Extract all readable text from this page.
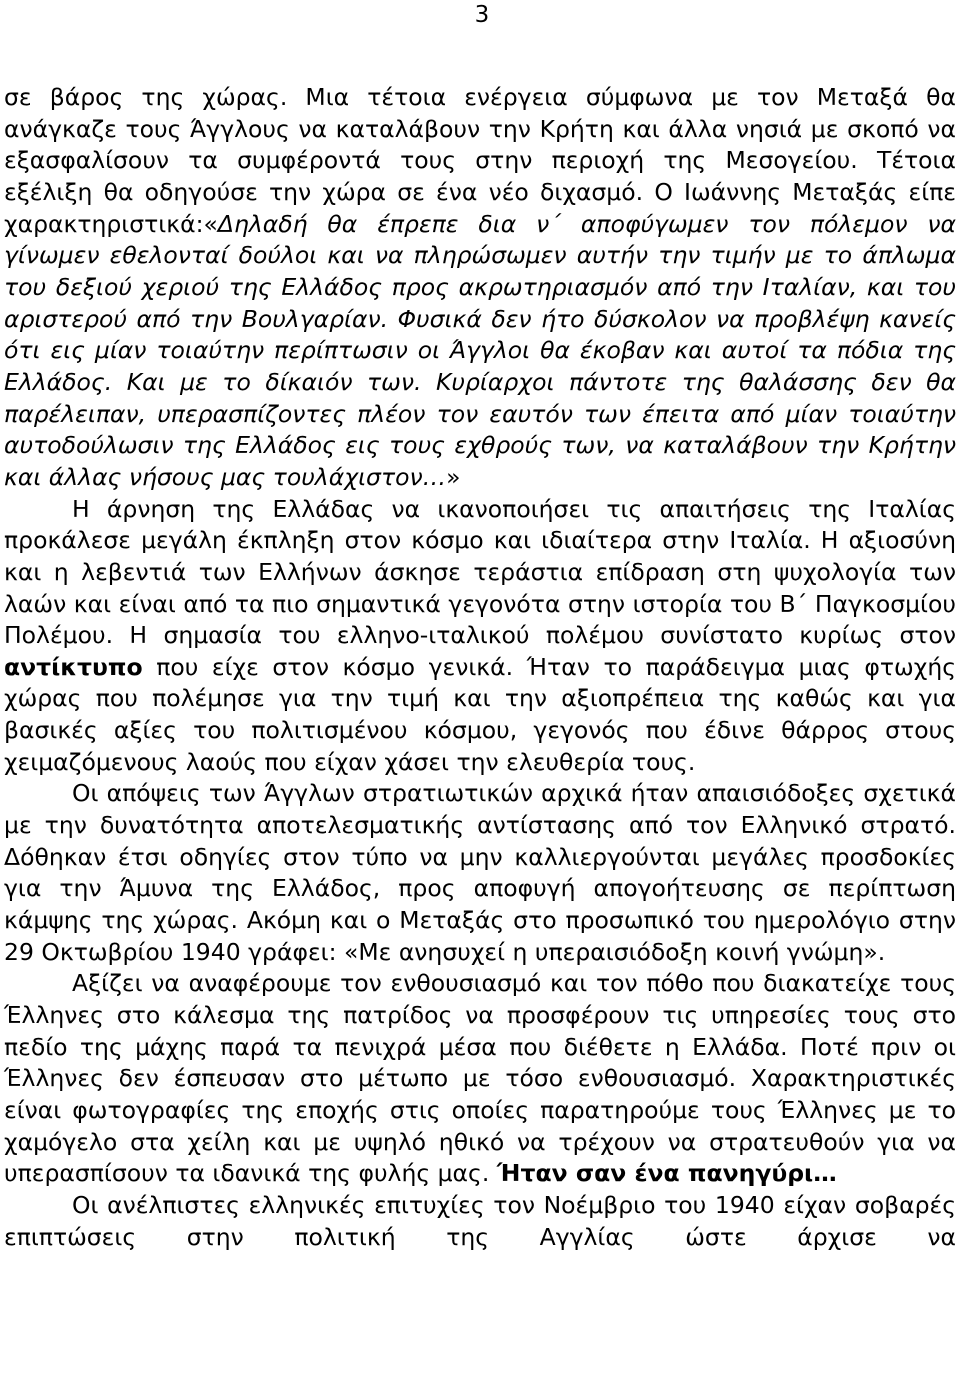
3

σε βάρος της χώρας. Μια τέτοια ενέργεια σύμφωνα με τον Μεταξά θα ανάγκαζε τους Άγγλους να καταλάβουν την Κρήτη και άλλα νησιά με σκοπό να εξασφαλίσουν τα συμφέροντά τους στην περιοχή της Μεσογείου. Τέτοια εξέλιξη θα οδηγούσε την χώρα σε ένα νέο διχασμό. Ο Ιωάννης Μεταξάς είπε χαρακτηριστικά:«Δηλαδή θα έπρεπε δια ν΄ αποφύγωμεν τον πόλεμον να γίνωμεν εθελονταί δούλοι και να πληρώσωμεν αυτήν την τιμήν με το άπλωμα του δεξιού χεριού της Ελλάδος προς ακρωτηριασμόν από την Ιταλίαν, και του αριστερού από την Βουλγαρίαν. Φυσικά δεν ήτο δύσκολον να προβλέψη κανείς ότι εις μίαν τοιαύτην περίπτωσιν οι Άγγλοι θα έκοβαν και αυτοί τα πόδια της Ελλάδος. Και με το δίκαιόν των. Κυρίαρχοι πάντοτε της θαλάσσης δεν θα παρέλειπαν, υπερασπίζοντες πλέον τον εαυτόν των έπειτα από μίαν τοιαύτην αυτοδούλωσιν της Ελλάδος εις τους εχθρούς των, να καταλάβουν την Κρήτην και άλλας νήσους μας τουλάχιστον…»

Η άρνηση της Ελλάδας να ικανοποιήσει τις απαιτήσεις της Ιταλίας προκάλεσε μεγάλη έκπληξη στον κόσμο και ιδιαίτερα στην Ιταλία. Η αξιοσύνη και η λεβεντιά των Ελλήνων άσκησε τεράστια επίδραση στη ψυχολογία των λαών και είναι από τα πιο σημαντικά γεγονότα στην ιστορία του Β΄ Παγκοσμίου Πολέμου. Η σημασία του ελληνο-ιταλικού πολέμου συνίστατο κυρίως στον αντίκτυπο που είχε στον κόσμο γενικά. Ήταν το παράδειγμα μιας φτωχής χώρας που πολέμησε για την τιμή και την αξιοπρέπεια της καθώς και για βασικές αξίες του πολιτισμένου κόσμου, γεγονός που έδινε θάρρος στους χειμαζόμενους λαούς που είχαν χάσει την ελευθερία τους.

Οι απόψεις των Άγγλων στρατιωτικών αρχικά ήταν απαισιόδοξες σχετικά με την δυνατότητα αποτελεσματικής αντίστασης από τον Ελληνικό στρατό. Δόθηκαν έτσι οδηγίες στον τύπο να μην καλλιεργούνται μεγάλες προσδοκίες για την Άμυνα της Ελλάδος, προς αποφυγή απογοήτευσης σε περίπτωση κάμψης της χώρας. Ακόμη και ο Μεταξάς στο προσωπικό του ημερολόγιο στην 29 Οκτωβρίου 1940 γράφει: «Με ανησυχεί η υπεραισιόδοξη κοινή γνώμη».

Αξίζει να αναφέρουμε τον ενθουσιασμό και τον πόθο που διακατείχε τους Έλληνες στο κάλεσμα της πατρίδος να προσφέρουν τις υπηρεσίες τους στο πεδίο της μάχης παρά τα πενιχρά μέσα που διέθετε η Ελλάδα. Ποτέ πριν οι Έλληνες δεν έσπευσαν στο μέτωπο με τόσο ενθουσιασμό. Χαρακτηριστικές είναι φωτογραφίες της εποχής στις οποίες παρατηρούμε τους Έλληνες με το χαμόγελο στα χείλη και με υψηλό ηθικό να τρέχουν να στρατευθούν για να υπερασπίσουν τα ιδανικά της φυλής μας. Ήταν σαν ένα πανηγύρι…

Οι ανέλπιστες ελληνικές επιτυχίες τον Νοέμβριο του 1940 είχαν σοβαρές επιπτώσεις στην πολιτική της Αγγλίας ώστε άρχισε να
